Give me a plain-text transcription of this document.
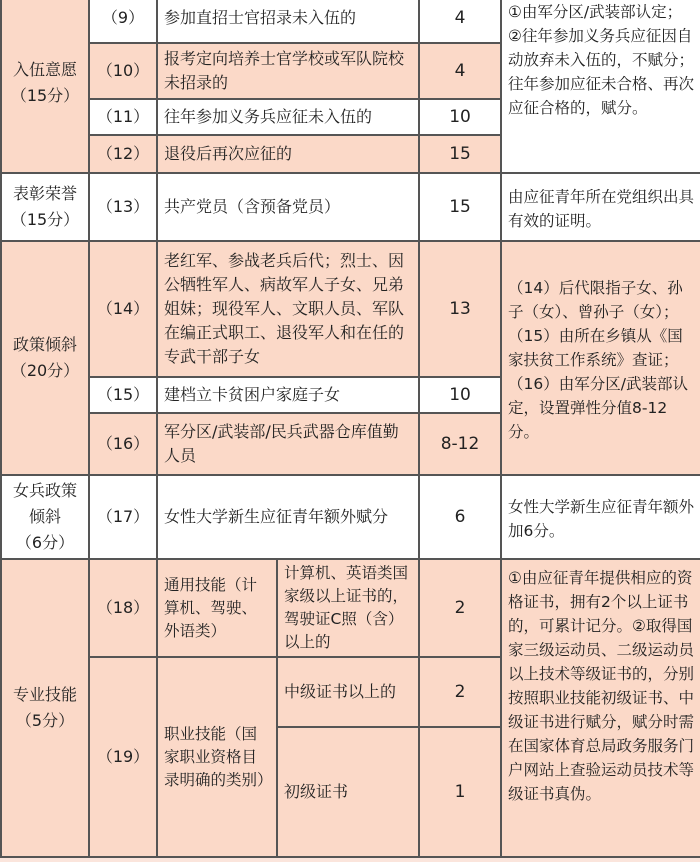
入伍意愿
（15分）	（9）	参加直招士官招录未入伍的		4	①由军分区/武装部认定；②往年参加义务兵应征因自动放弃未入伍的，不赋分；往年参加应征未合格、再次应征合格的，赋分。
	（10）	报考定向培养士官学校或军队院校未招录的		4	
	（11）	往年参加义务兵应征未入伍的		10	
	（12）	退役后再次应征的		15	

表彰荣誉
（15分）	（13）	共产党员（含预备党员）		15	由应征青年所在党组织出具有效的证明。

政策倾斜
（20分）	（14）	老红军、参战老兵后代；烈士、因公牺牲军人、病故军人子女、兄弟姐妹；现役军人、文职人员、军队在编正式职工、退役军人和在任的专武干部子女		13	（14）后代限指子女、孙子（女）、曾孙子（女）；（15）由所在乡镇从《国家扶贫工作系统》查证；（16）由军分区/武装部认定，设置弹性分值8-12分。
	（15）	建档立卡贫困户家庭子女		10	
	（16）	军分区/武装部/民兵武器仓库值勤人员		8-12	

女兵政策倾斜
（6分）	（17）	女性大学新生应征青年额外赋分		6	女性大学新生应征青年额外加6分。

专业技能
（5分）	（18）	通用技能（计算机、驾驶、外语类）	计算机、英语类国家级以上证书的，驾驶证C照（含）以上的	2	①由应征青年提供相应的资格证书，拥有2个以上证书的，可累计记分。②取得国家三级运动员、二级运动员以上技术等级证书的，分别按照职业技能初级证书、中级证书进行赋分，赋分时需在国家体育总局政务服务门户网站上查验运动员技术等级证书真伪。
	（19）	职业技能（国家职业资格目录明确的类别）	中级证书以上的	2	
			初级证书	1	
